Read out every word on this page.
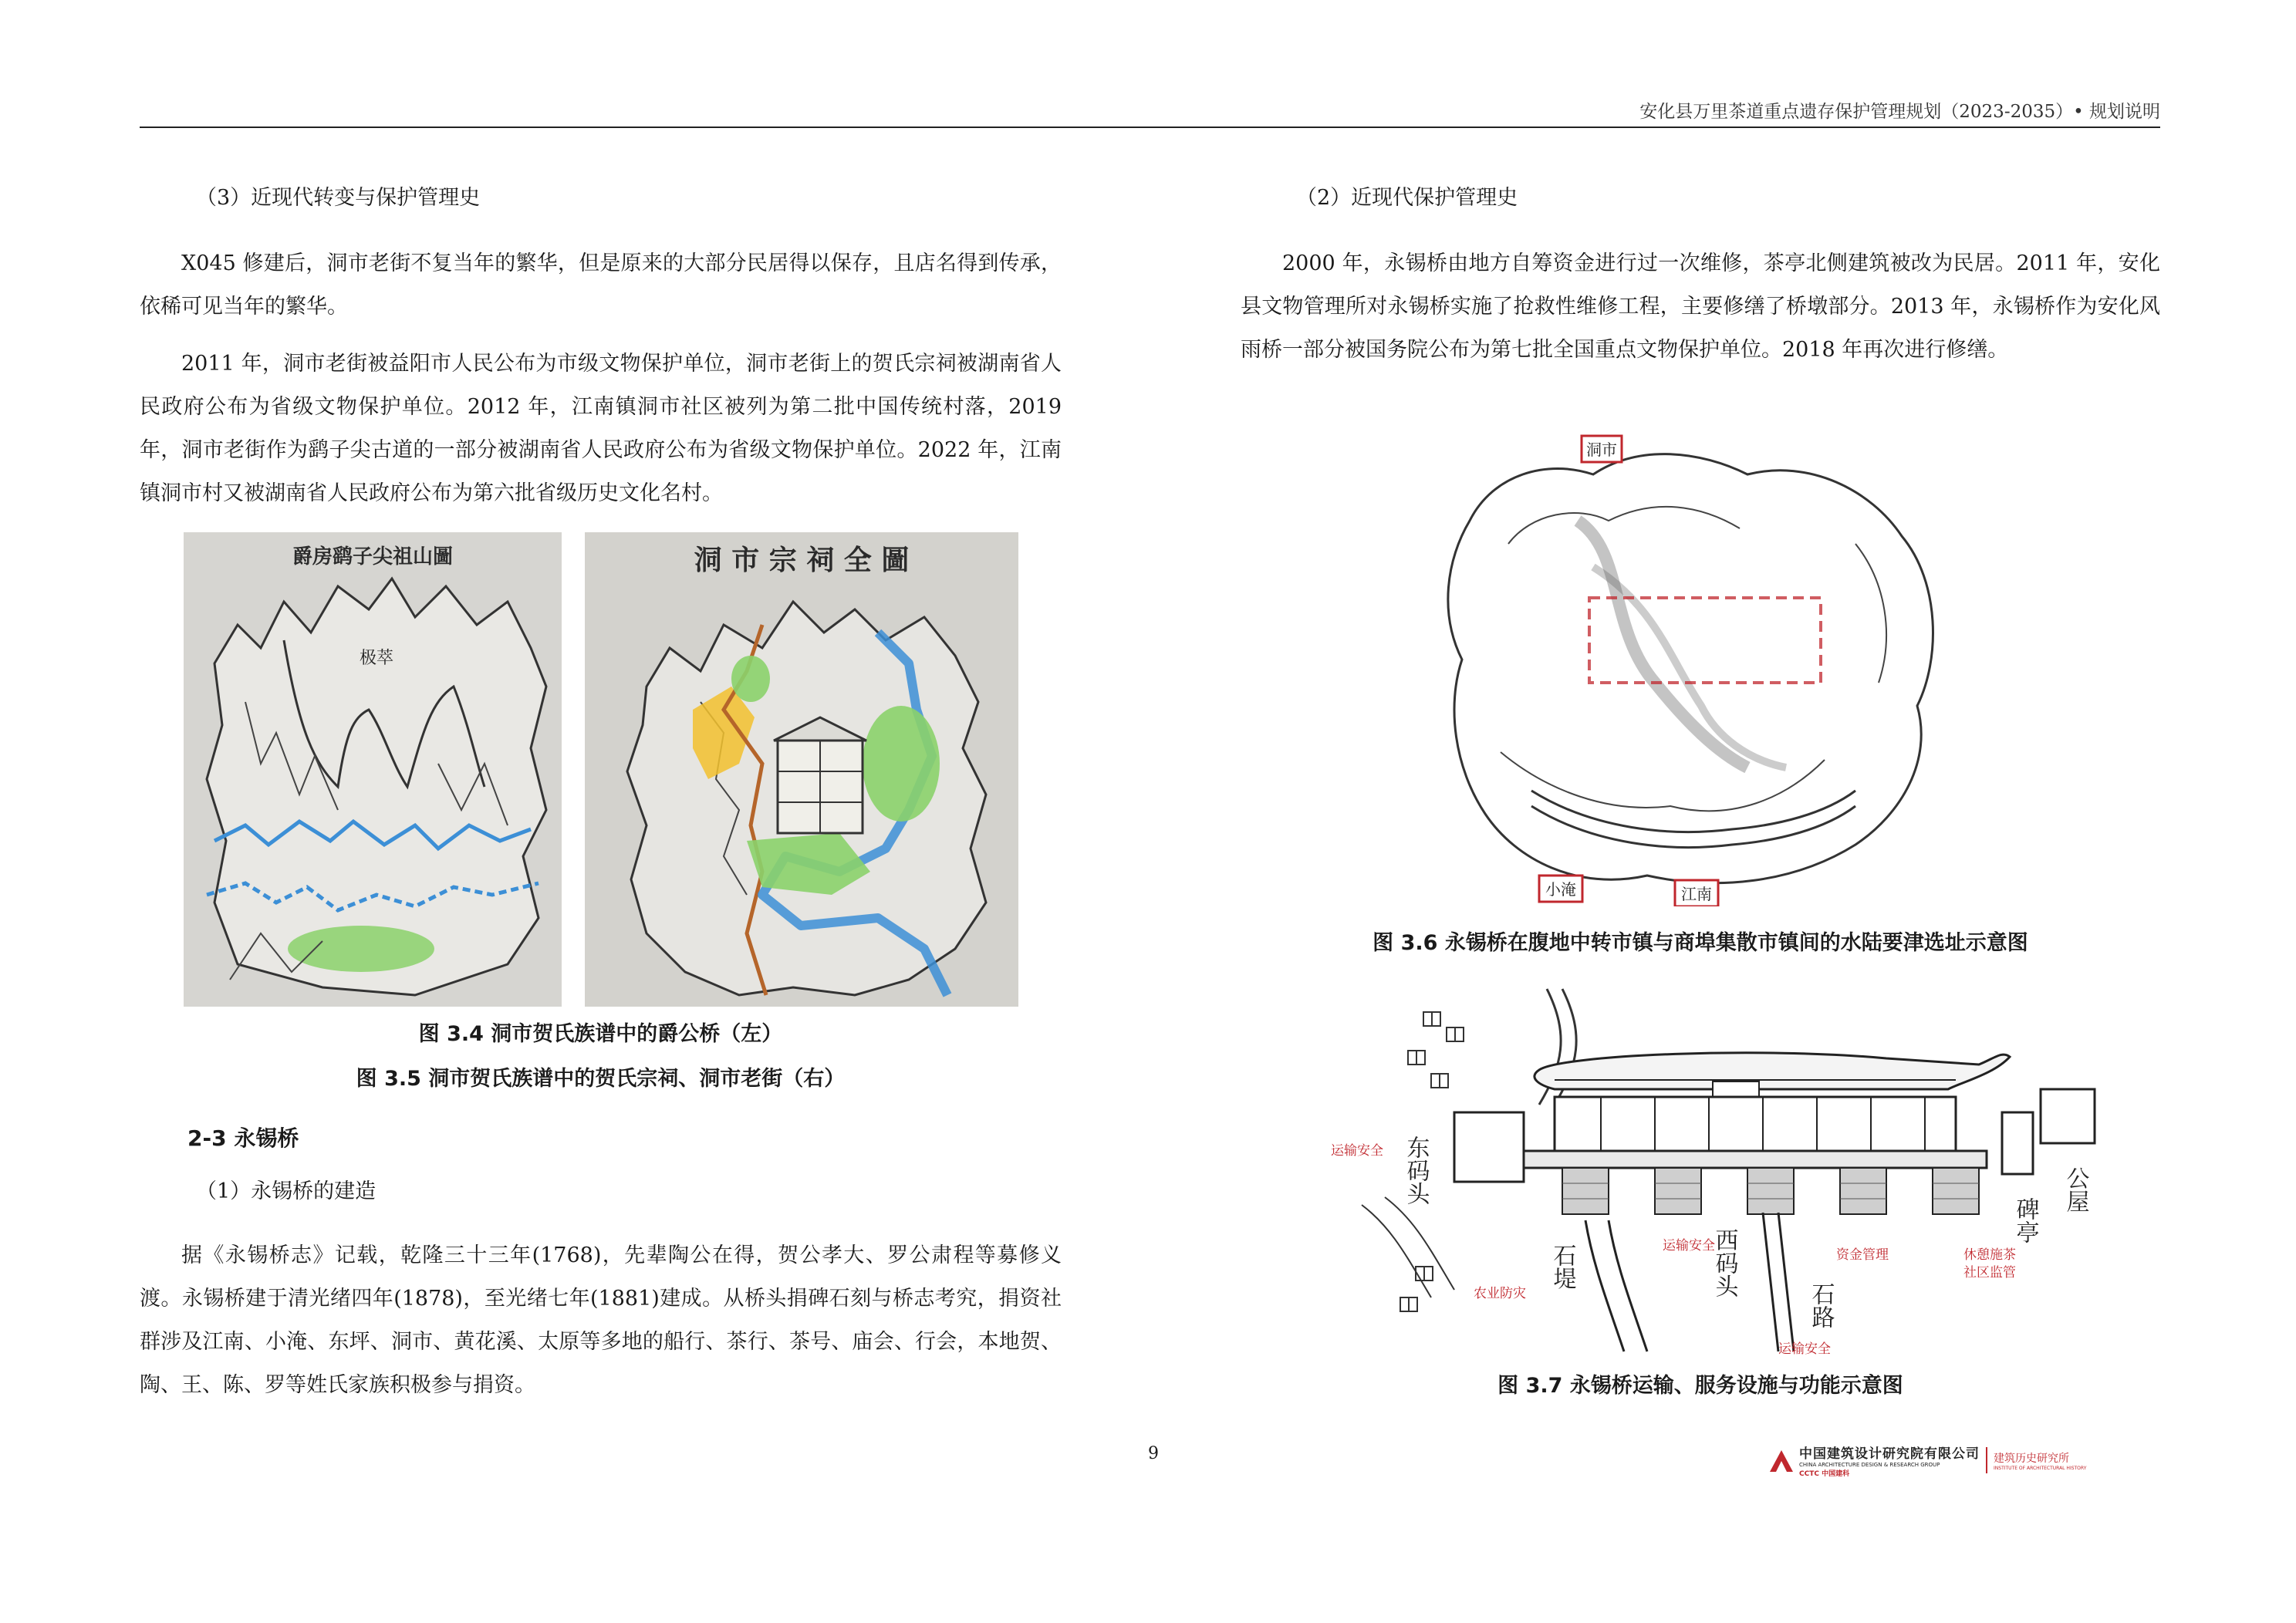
安化县万里茶道重点遗存保护管理规划（2023-2035）• 规划说明
（3）近现代转变与保护管理史

X045 修建后，洞市老街不复当年的繁华，但是原来的大部分民居得以保存，且店名得到传承，依稀可见当年的繁华。

2011 年，洞市老街被益阳市人民公布为市级文物保护单位，洞市老街上的贺氏宗祠被湖南省人民政府公布为省级文物保护单位。2012 年，江南镇洞市社区被列为第二批中国传统村落，2019 年，洞市老街作为鹞子尖古道的一部分被湖南省人民政府公布为省级文物保护单位。2022 年，江南镇洞市村又被湖南省人民政府公布为第六批省级历史文化名村。

爵房鹞子尖祖山圖
极萃
洞 市 宗 祠 全 圖
图 3.4 洞市贺氏族谱中的爵公桥（左）
图 3.5 洞市贺氏族谱中的贺氏宗祠、洞市老街（右）
2-3 永锡桥
（1）永锡桥的建造

据《永锡桥志》记载，乾隆三十三年(1768)，先辈陶公在得，贺公孝大、罗公肃程等募修义渡。永锡桥建于清光绪四年(1878)，至光绪七年(1881)建成。从桥头捐碑石刻与桥志考究，捐资社群涉及江南、小淹、东坪、洞市、黄花溪、太原等多地的船行、茶行、茶号、庙会、行会，本地贺、陶、王、陈、罗等姓氏家族积极参与捐资。

（2）近现代保护管理史

2000 年，永锡桥由地方自筹资金进行过一次维修，茶亭北侧建筑被改为民居。2011 年，安化县文物管理所对永锡桥实施了抢救性维修工程，主要修缮了桥墩部分。2013 年，永锡桥作为安化风雨桥一部分被国务院公布为第七批全国重点文物保护单位。2018 年再次进行修缮。

洞市
小淹	江南
图 3.6 永锡桥在腹地中转市镇与商埠集散市镇间的水陆要津选址示意图
东码头
西码头
碑亭
石堤
石路
公屋
运输安全
运输安全
农业防灾
资金管理	休憩施茶
社区监管
运输安全
图 3.7 永锡桥运输、服务设施与功能示意图
9	中国建筑设计研究院有限公司
CHINA ARCHITECTURE DESIGN & RESEARCH GROUP
CCTC 中国建科
建筑历史研究所
INSTITUTE OF ARCHITECTURAL HISTORY
